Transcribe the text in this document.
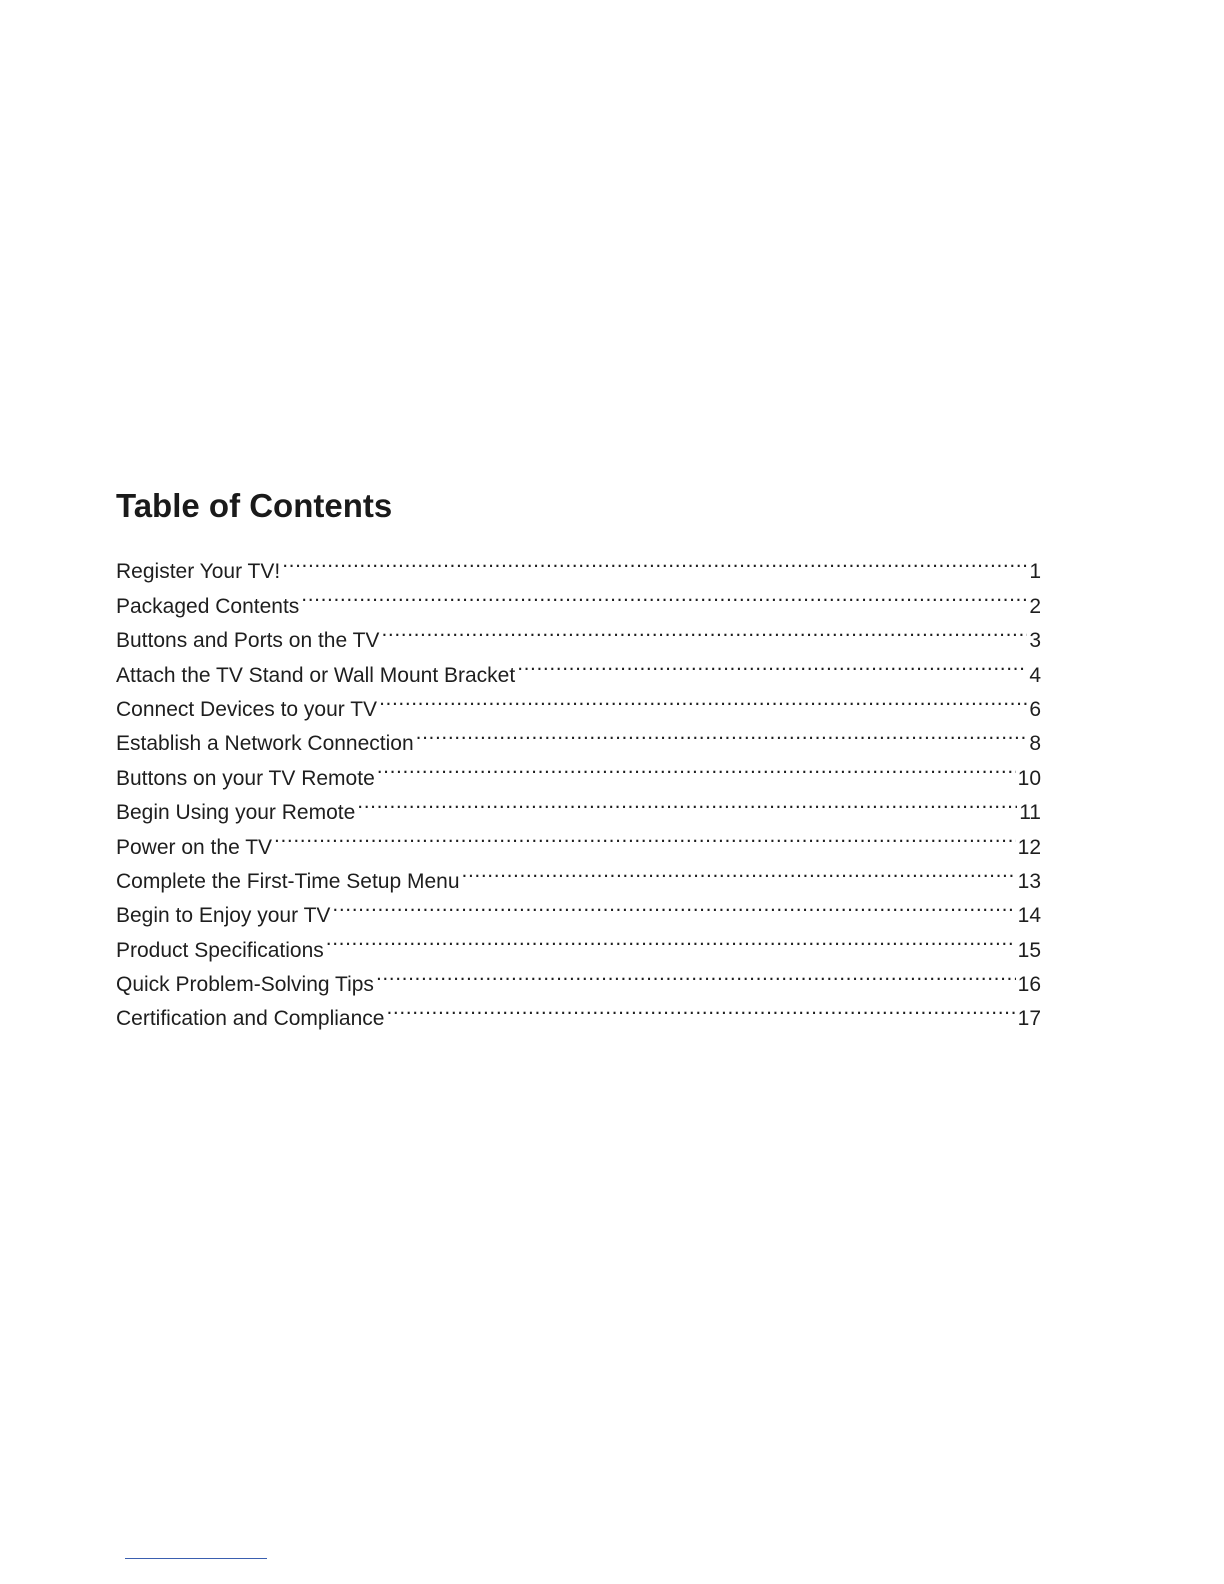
Table of Contents
Register Your TV! .....	1
Packaged Contents .....	2
Buttons and Ports on the TV .....	3
Attach the TV Stand or Wall Mount Bracket .....	4
Connect Devices to your TV .....	6
Establish a Network Connection .....	8
Buttons on your TV Remote .....	10
Begin Using your Remote .....	11
Power on the TV .....	12
Complete the First-Time Setup Menu .....	13
Begin to Enjoy your TV .....	14
Product Specifications .....	15
Quick Problem-Solving Tips .....	16
Certification and Compliance .....	17
